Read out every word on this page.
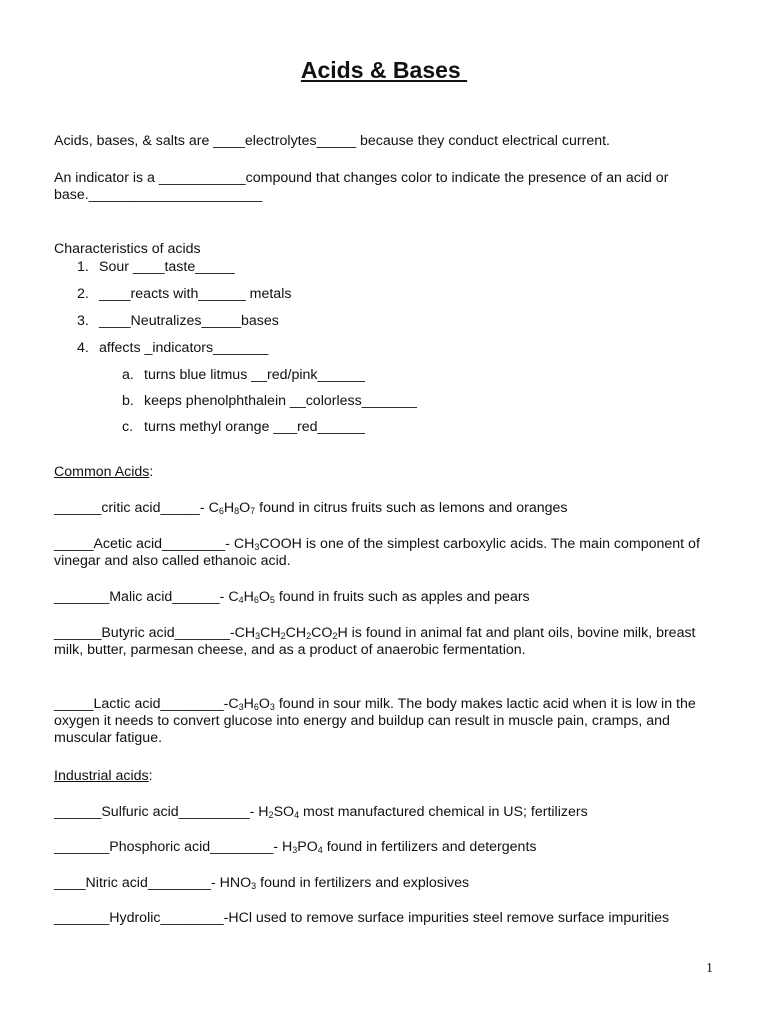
Acids & Bases
Acids, bases, & salts are ____electrolytes_____ because they conduct electrical current.
An indicator is a ___________compound that changes color to indicate the presence of an acid or base.______________________
Characteristics of acids
1. Sour ____taste_____
2. ____reacts with______ metals
3. ____Neutralizes_____bases
4. affects _indicators_______
a. turns blue litmus __red/pink______
b. keeps phenolphthalein __colorless_______
c. turns methyl orange ___red______
Common Acids:
______critic acid_____- $C_6H_8O_7$ found in citrus fruits such as lemons and oranges
_____Acetic acid________- $CH_3COOH$ is one of the simplest carboxylic acids. The main component of vinegar and also called ethanoic acid.
_______Malic acid______- $C_4H_6O_5$ found in fruits such as apples and pears
______Butyric $acid\_\_\_\_\_\_\_-CH_3CH_2CH_2CO_2H$ is found in animal fat and plant oils, bovine milk, breast milk, butter, parmesan cheese, and as a product of anaerobic fermentation.
_____Lactic $acid\_\_\_\_\_\_\_\_-C_3H_6O_3$ found in sour milk. The body makes lactic acid when it is low in the oxygen it needs to convert glucose into energy and buildup can result in muscle pain, cramps, and muscular fatigue.
Industrial acids:
______Sulfuric acid_________- $H_2SO_4$ most manufactured chemical in US; fertilizers
_______Phosphoric acid________- $H_3PO_4$ found in fertilizers and detergents
____Nitric acid________- $HNO_3$ found in fertilizers and explosives
_______Hydrolic________-HCl used to remove surface impurities steel remove surface impurities
1
